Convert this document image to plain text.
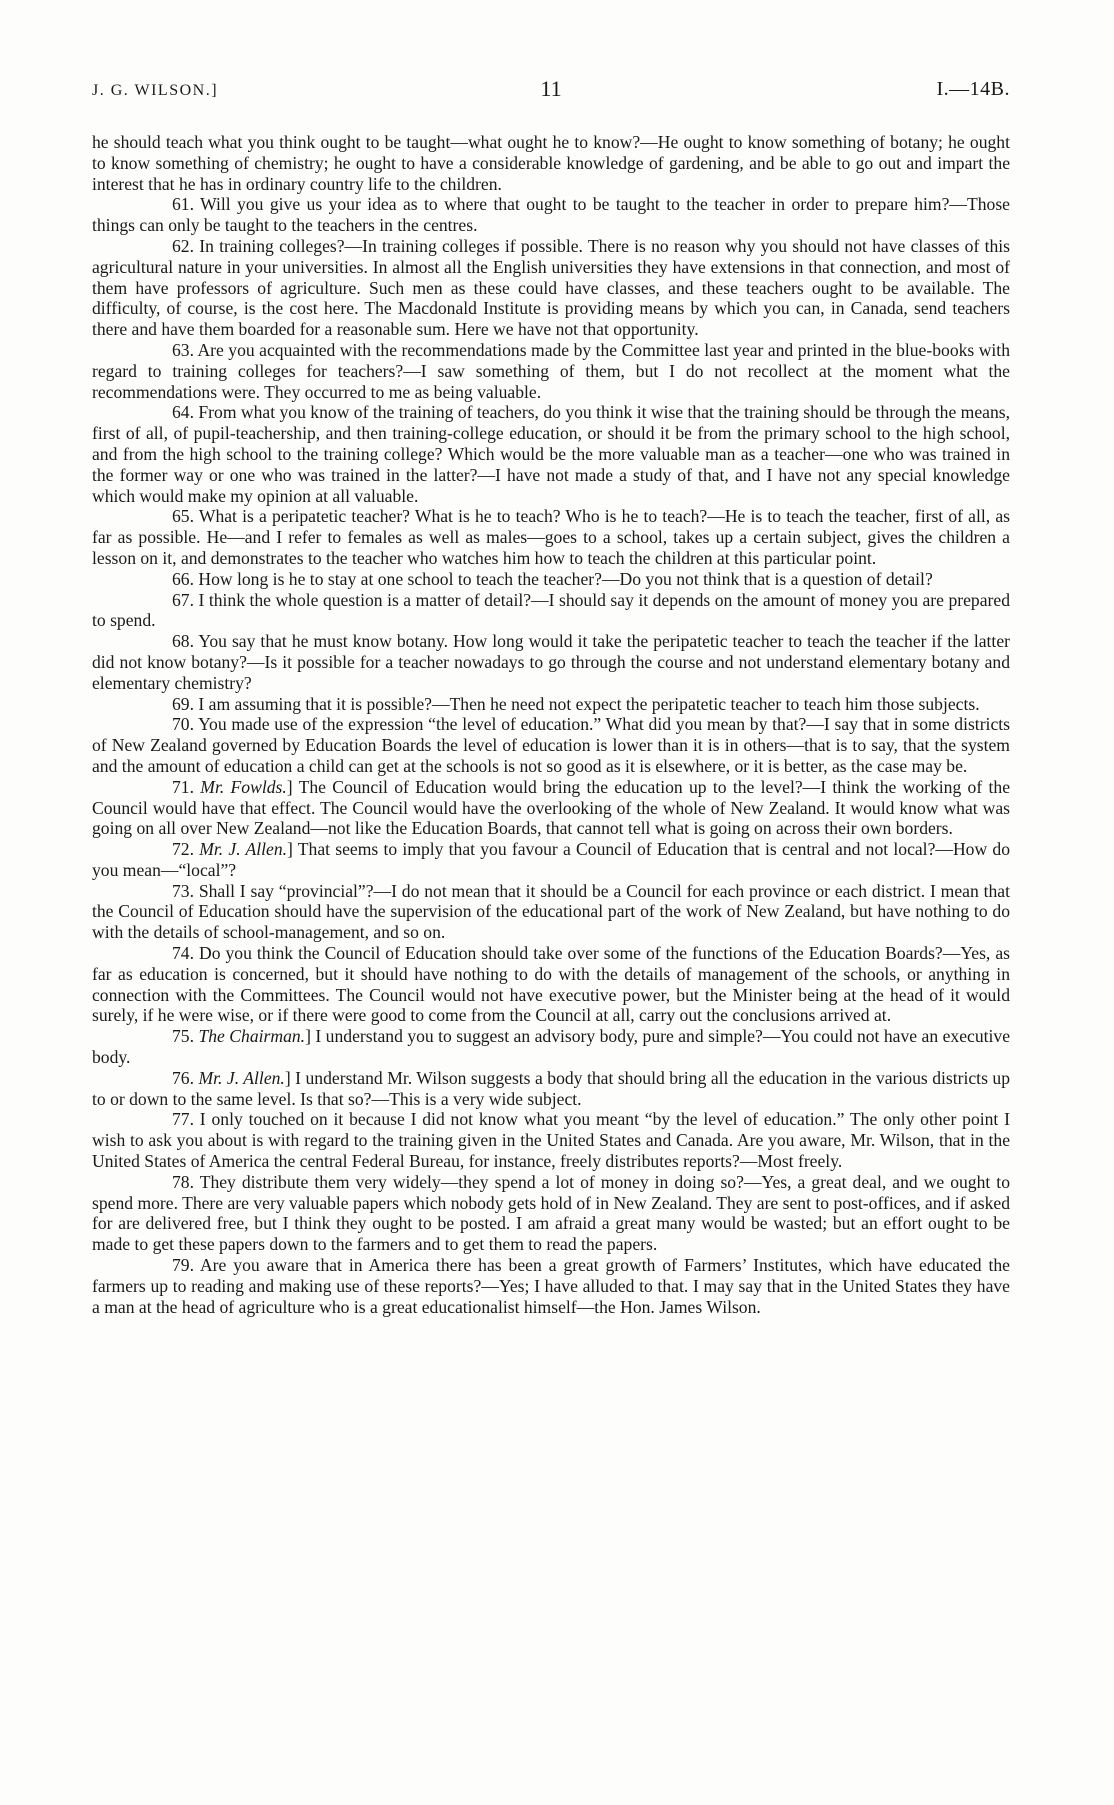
J. G. WILSON.]	11	I.—14B.

he should teach what you think ought to be taught—what ought he to know?—He ought to know something of botany; he ought to know something of chemistry; he ought to have a considerable knowledge of gardening, and be able to go out and impart the interest that he has in ordinary country life to the children.

61. Will you give us your idea as to where that ought to be taught to the teacher in order to prepare him?—Those things can only be taught to the teachers in the centres.

62. In training colleges?—In training colleges if possible. There is no reason why you should not have classes of this agricultural nature in your universities. In almost all the English universities they have extensions in that connection, and most of them have professors of agriculture. Such men as these could have classes, and these teachers ought to be available. The difficulty, of course, is the cost here. The Macdonald Institute is providing means by which you can, in Canada, send teachers there and have them boarded for a reasonable sum. Here we have not that opportunity.

63. Are you acquainted with the recommendations made by the Committee last year and printed in the blue-books with regard to training colleges for teachers?—I saw something of them, but I do not recollect at the moment what the recommendations were. They occurred to me as being valuable.

64. From what you know of the training of teachers, do you think it wise that the training should be through the means, first of all, of pupil-teachership, and then training-college education, or should it be from the primary school to the high school, and from the high school to the training college? Which would be the more valuable man as a teacher—one who was trained in the former way or one who was trained in the latter?—I have not made a study of that, and I have not any special knowledge which would make my opinion at all valuable.

65. What is a peripatetic teacher? What is he to teach? Who is he to teach?—He is to teach the teacher, first of all, as far as possible. He—and I refer to females as well as males—goes to a school, takes up a certain subject, gives the children a lesson on it, and demonstrates to the teacher who watches him how to teach the children at this particular point.

66. How long is he to stay at one school to teach the teacher?—Do you not think that is a question of detail?

67. I think the whole question is a matter of detail?—I should say it depends on the amount of money you are prepared to spend.

68. You say that he must know botany. How long would it take the peripatetic teacher to teach the teacher if the latter did not know botany?—Is it possible for a teacher nowadays to go through the course and not understand elementary botany and elementary chemistry?

69. I am assuming that it is possible?—Then he need not expect the peripatetic teacher to teach him those subjects.

70. You made use of the expression “the level of education.” What did you mean by that?—I say that in some districts of New Zealand governed by Education Boards the level of education is lower than it is in others—that is to say, that the system and the amount of education a child can get at the schools is not so good as it is elsewhere, or it is better, as the case may be.

71. Mr. Fowlds.] The Council of Education would bring the education up to the level?—I think the working of the Council would have that effect. The Council would have the overlooking of the whole of New Zealand. It would know what was going on all over New Zealand—not like the Education Boards, that cannot tell what is going on across their own borders.

72. Mr. J. Allen.] That seems to imply that you favour a Council of Education that is central and not local?—How do you mean—“local”?

73. Shall I say “provincial”?—I do not mean that it should be a Council for each province or each district. I mean that the Council of Education should have the supervision of the educational part of the work of New Zealand, but have nothing to do with the details of school-management, and so on.

74. Do you think the Council of Education should take over some of the functions of the Education Boards?—Yes, as far as education is concerned, but it should have nothing to do with the details of management of the schools, or anything in connection with the Committees. The Council would not have executive power, but the Minister being at the head of it would surely, if he were wise, or if there were good to come from the Council at all, carry out the conclusions arrived at.

75. The Chairman.] I understand you to suggest an advisory body, pure and simple?—You could not have an executive body.

76. Mr. J. Allen.] I understand Mr. Wilson suggests a body that should bring all the education in the various districts up to or down to the same level. Is that so?—This is a very wide subject.

77. I only touched on it because I did not know what you meant “by the level of education.” The only other point I wish to ask you about is with regard to the training given in the United States and Canada. Are you aware, Mr. Wilson, that in the United States of America the central Federal Bureau, for instance, freely distributes reports?—Most freely.

78. They distribute them very widely—they spend a lot of money in doing so?—Yes, a great deal, and we ought to spend more. There are very valuable papers which nobody gets hold of in New Zealand. They are sent to post-offices, and if asked for are delivered free, but I think they ought to be posted. I am afraid a great many would be wasted; but an effort ought to be made to get these papers down to the farmers and to get them to read the papers.

79. Are you aware that in America there has been a great growth of Farmers’ Institutes, which have educated the farmers up to reading and making use of these reports?—Yes; I have alluded to that. I may say that in the United States they have a man at the head of agriculture who is a great educationalist himself—the Hon. James Wilson.
